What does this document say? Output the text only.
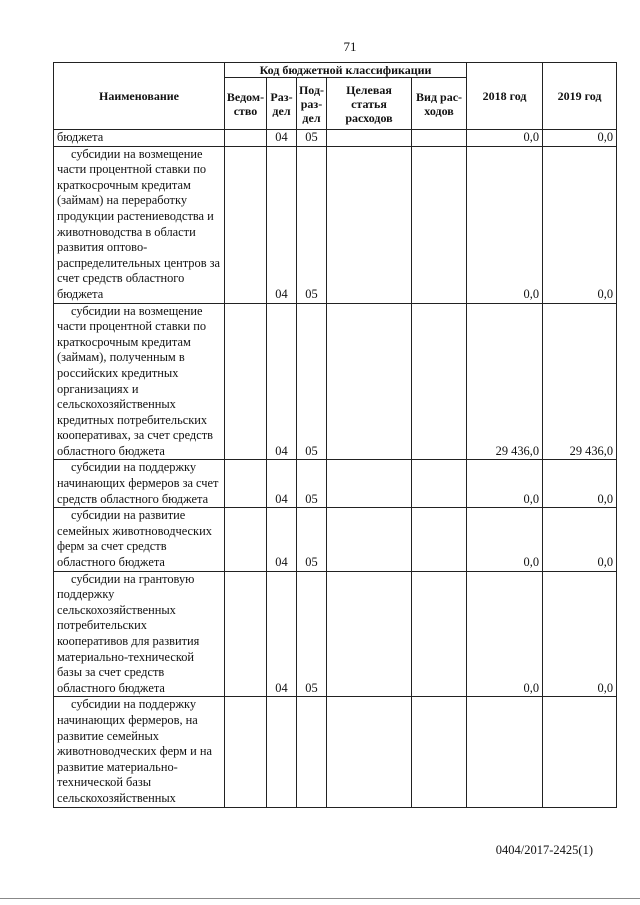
71
Наименование	Код бюджетной классификации					2018 год	2019 год
	Ведом-ство	Раз-дел	Под-раз-дел	Целевая статья расходов	Вид рас-ходов		
бюджета		04	05			0,0	0,0

субсидии на возмещение части процентной ставки по краткосрочным кредитам (займам) на переработку продукции растениеводства и животноводства в области развития оптово-распределительных центров за счет средств областного бюджета		04	05			0,0	0,0

субсидии на возмещение части процентной ставки по краткосрочным кредитам (займам), полученным в российских кредитных организациях и сельскохозяйственных кредитных потребительских кооперативах, за счет средств областного бюджета		04	05			29 436,0	29 436,0

субсидии на поддержку начинающих фермеров за счет средств областного бюджета		04	05			0,0	0,0

субсидии на развитие семейных животноводческих ферм за счет средств областного бюджета		04	05			0,0	0,0

субсидии на грантовую поддержку сельскохозяйственных потребительских кооперативов для развития материально-технической базы за счет средств областного бюджета		04	05			0,0	0,0

субсидии на поддержку начинающих фермеров, на развитие семейных животноводческих ферм и на развитие материально-технической базы сельскохозяйственных							

0404/2017-2425(1)
